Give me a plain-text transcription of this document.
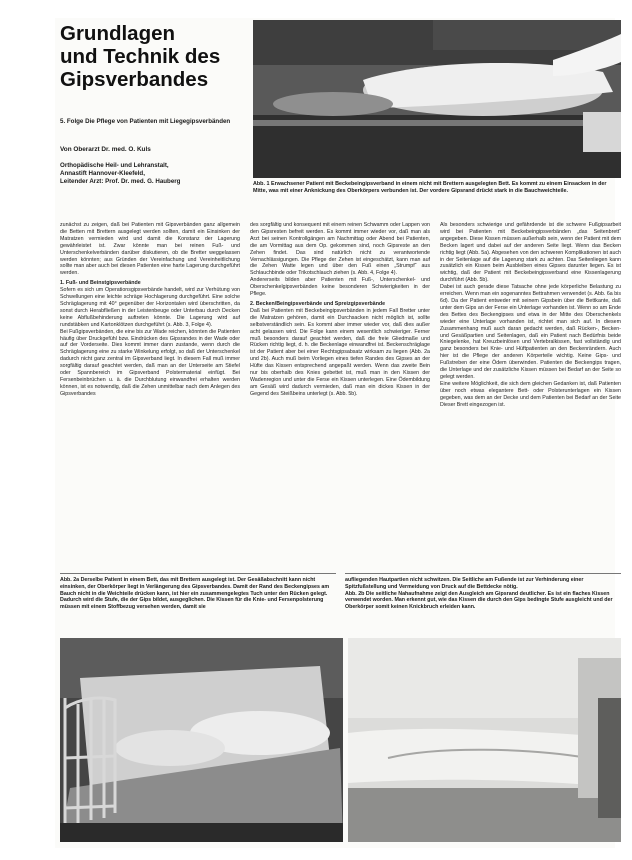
Grundlagen
und Technik des
Gipsverbandes
5. Folge Die Pflege von Patienten mit Liegegipsverbänden
Von Oberarzt Dr. med. O. Kuls
Orthopädische Heil- und Lehranstalt,
Annastift Hannover-Kleefeld,
Leitender Arzt: Prof. Dr. med. G. Hauberg	Abb. 1 Erwachsener Patient mit Beckebeingipsverband in einem nicht mit Brettern ausgelegten Bett. Es kommt zu einem Einsacken in der Mitte, was mit einer Anknickung des Oberkörpers verbunden ist. Der vordere Gipsrand drückt stark in die Bauchweichteile.
zunächst zu zeigen, daß bei Patienten mit Gipsverbänden ganz allgemein die Betten mit Brettern ausgelegt werden sollten, damit ein Einsinken der Matratzen vermieden wird und damit die Konstanz der Lagerung gewährleistet ist. Zwar könnte man bei reinen Fuß- und Unterschenkelverbänden darüber diskutieren, ob die Bretter weggelassen werden könnten; aus Gründen der Vereinfachung und Vereinheitlichung sollte man aber auch bei diesen Patienten eine harte Lagerung durchgeführt werden.
1. Fuß- und Beinstgipsverbände
Sofern es sich um Operationsgipsverbände handelt, wird zur Verhütung von Schwellungen eine leichte schräge Hochlagerung durchgeführt. Eine solche Schräglagerung mit 40° gegenüber der Horizontalen wird überschritten, da sonst durch Herabfließen in der Leistenbeuge oder Unterbau durch Decken keine Abflußbehinderung auftreten könnte. Die Lagerung wird auf rundstäbken und Kartonklötzen durchgeführt (s. Abb. 3, Folge 4).
Bei Fußgipsverbänden, die eine bis zur Wade reichen, könnten die Patienten häufig über Druckgefühl bzw. Eindrücken des Gipsrandes in der Wade oder auf der Vorderseite. Dies kommt immer dann zustande, wenn durch die Schräglagerung eine zu starke Winkelung erfolgt, so daß der Unterschenkel dadurch nicht ganz zentral im Gipsverband liegt. In diesem Fall muß immer sorgfältig darauf geachtet werden, daß man an der Unterseite am Stiefel oder Spannbereich im Gipsverband Polstermaterial einfügt. Bei Fersenbeinbrüchen u. ä. die Durchblutung einwandfrei erhalten werden können, ist es notwendig, daß die Zehen unmittelbar nach dem Anlegen des Gipsverbandes
des sorgfältig und konsequent mit einem reinen Schwamm oder Lappen von den Gipsresten befreit werden. Es kommt immer wieder vor, daß man als Arzt bei seinen Kontrollgängen am Nachmittag oder Abend bei Patienten, die am Vormittag aus dem Op. gekommen sind, noch Gipsreste an den Zehen findet. Das sind natürlich nicht zu verantwortende Vernachlässigungen. Die Pflege der Zehen ist eingeschätzt, kann man auf die Zehen Watte legen und über den Fuß einen „Strumpf“ aus Schlauchbinde oder Trikotschlauch ziehen (s. Abb. 4, Folge 4).
Andererseits bilden aber Patienten mit Fuß-, Unterschenkel- und Oberschenkelgipsverbänden keine besonderen Schwierigkeiten in der Pflege.
2. Becken/Beingipsverbände und Spreizgipsverbände
Daß bei Patienten mit Beckebeingipsverbänden in jedem Fall Bretter unter die Matratzen gehören, damit ein Durchsacken nicht möglich ist, sollte selbstverständlich sein. Es kommt aber immer wieder vor, daß dies außer acht gelassen wird. Die Folge kann einem wesentlich schwieriger. Ferner muß besonders darauf geachtet werden, daß die freie Gliedmaße und Rücken richtig liegt, d. h. die Beckenlage einwandfrei ist. Beckenschräglage ist der Patient aber bei einer Rechtsgipsabsatz wirksam zu liegen (Abb. 2a und 2b). Auch muß beim Vorliegen eines tiefen Randes des Gipses an der Hüfte das Kissen entsprechend angepaßt werden. Wenn das zweite Bein nur bis oberhalb des Knies gebettet ist, muß man in den Kissen der Wadenregion und unter die Ferse ein Kissen unterlegen. Eine Ödembildung am Gesäß wird dadurch vermieden, daß man ein dickes Kissen in der Gegend des Steißbeins unterlegt (s. Abb. 5b).
Als besonders schwierige und gefährdende ist die schwere Fußgipsarbeit wird bei Patienten mit Beckebeingipsverbänden „das Seitenbrett“ angegeben. Diese Kissen müssen außerhalb sein, wenn der Patient mit dem Becken lagert und dabei auf der anderen Seite liegt. Wenn das Becken richtig liegt (Abb. 5a). Abgesehen von den schweren Komplikationen ist auch in der Seitenlage auf die Lagerung stark zu achten. Das Seitenliegen kann zusätzlich ein Kissen beim Ausbleiben eines Gipses darunter liegen. Es ist wichtig, daß der Patient mit Beckebeingipsverband eine Kissenlagerung durchführt (Abb. 5b).
Dabei ist auch gerade diese Tatsache ohne jede körperliche Belastung zu erreichen. Wenn man ein sogenanntes Bettrahmen verwendet (s. Abb. 6a bis 6d). Da der Patient entweder mit seinem Gipsbein über die Bettkante, daß unter dem Gips an der Ferse ein Unterlage vorhanden ist. Wenn so am Ende des Bettes des Beckengipses und etwa in der Mitte des Oberschenkels wieder eine Unterlage vorhanden ist, richtet man sich auf. In diesem Zusammenhang muß auch daran gedacht werden, daß Rücken-, Becken- und Gesäßpartien und Seitenlagen, daß ein Patient nach Bedürfnis beide Kniegelenke, hat Kreuzbeinlösen und Vertebralkissen, fast vollständig und ganz besonders bei Knie- und Hüftpatienten an den Beckenrändern. Auch hier ist die Pflege der anderen Körperteile wichtig. Keine Gips- und Fußstreben der eine Ödem überwinden. Patienten die Beckengips tragen, die Unterlage und der zusätzliche Kissen müssen bei Bedarf an der Seite so gelegt werden.
Eine weitere Möglichkeit, die sich dem gleichen Gedanken ist, daß Patienten über noch etwas elegantere Bett- oder Polsterunterlagen ein Kissen gegeben, was dem an der Decke und dem Patienten bei Bedarf an der Seite Dieser Brett eingezogen ist.
Abb. 2a Derselbe Patient in einem Bett, das mit Brettern ausgelegt ist. Der Gesäßabschnitt kann nicht einsinken, der Oberkörper liegt in Verlängerung des Gipsverbandes. Damit der Rand des Beckengipses am Bauch nicht in die Weichteile drücken kann, ist hier ein zusammengelegtes Tuch unter den Rücken gelegt. Dadurch wird die Stufe, die der Gips bildet, ausgeglichen. Die Kissen für die Knie- und Fersenpolsterung müssen mit einem Stoffbezug versehen werden, damit sie
aufliegenden Hautpartien nicht schwitzen. Die Seitliche am Fußende ist zur Verhinderung einer Spitzfußstellung und Vermeidung von Druck auf die Bettdecke nötig.
Abb. 2b Die seitliche Nahaufnahme zeigt den Ausgleich am Gipsrand deutlicher. Es ist ein flaches Kissen verwendet worden. Man erkennt gut, wie das Kissen die durch den Gips bedingte Stufe ausgleicht und der Oberkörper somit keinen Knickbruch erleiden kann.
